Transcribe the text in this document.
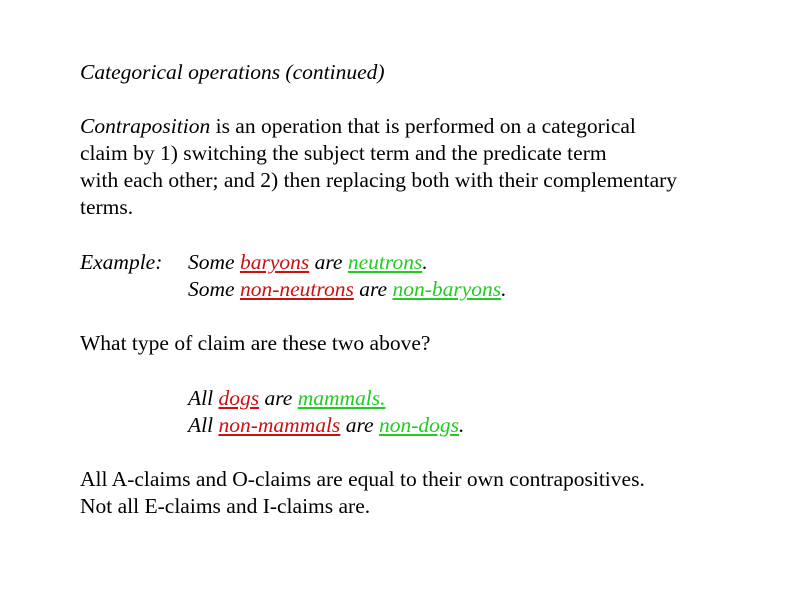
Categorical operations (continued)
Contraposition is an operation that is performed on a categorical
claim by 1) switching the subject term and the predicate term
with each other; and 2) then replacing both with their complementary
terms.
Example: Some baryons are neutrons.
Some non-neutrons are non-baryons.
What type of claim are these two above?
All dogs are mammals.
All non-mammals are non-dogs.
All A-claims and O-claims are equal to their own contrapositives.
Not all E-claims and I-claims are.
